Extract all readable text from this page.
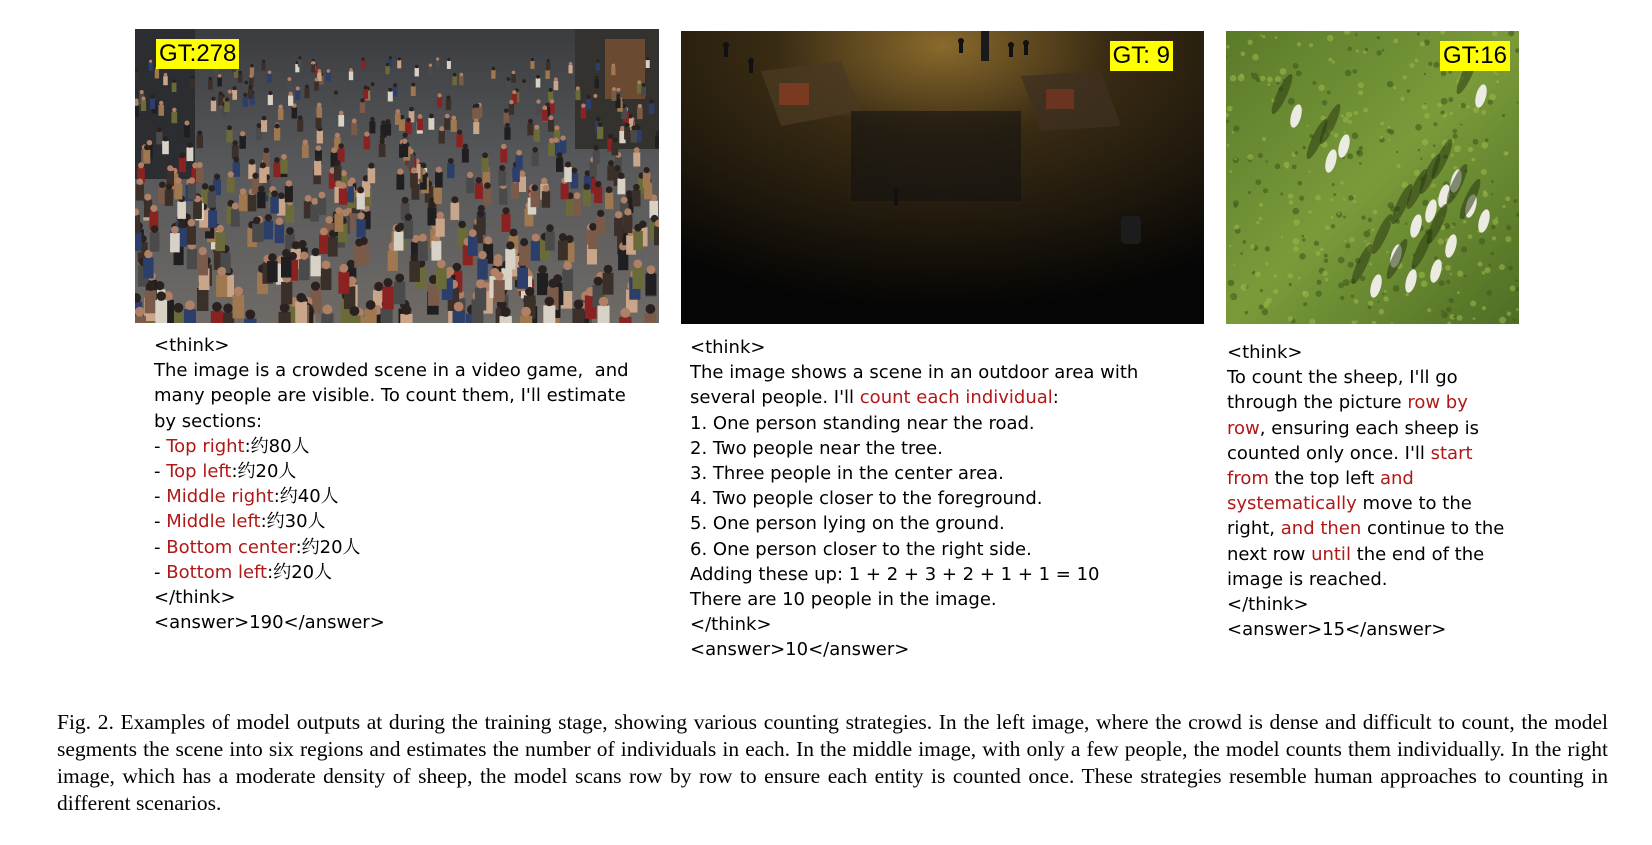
GT:278	GT: 9	GT:16
<think>
The image is a crowded scene in a video game,  and
many people are visible. To count them, I'll estimate
by sections:
- Top right:约80人
- Top left:约20人
- Middle right:约40人
- Middle left:约30人
- Bottom center:约20人
- Bottom left:约20人
</think>
<answer>190</answer>
<think>
The image shows a scene in an outdoor area with
several people. I'll count each individual:
1. One person standing near the road.
2. Two people near the tree.
3. Three people in the center area.
4. Two people closer to the foreground.
5. One person lying on the ground.
6. One person closer to the right side.
Adding these up: 1 + 2 + 3 + 2 + 1 + 1 = 10
There are 10 people in the image.
</think>
<answer>10</answer>
<think>
To count the sheep, I'll go
through the picture row by
row, ensuring each sheep is
counted only once. I'll start
from the top left and
systematically move to the
right, and then continue to the
next row until the end of the
image is reached.
</think>
<answer>15</answer>
Fig. 2. Examples of model outputs at during the training stage, showing various counting strategies. In the left image, where the crowd is dense and difficult to count, the model segments the scene into six regions and estimates the number of individuals in each. In the middle image, with only a few people, the model counts them individually. In the right image, which has a moderate density of sheep, the model scans row by row to ensure each entity is counted once. These strategies resemble human approaches to counting in different scenarios.
